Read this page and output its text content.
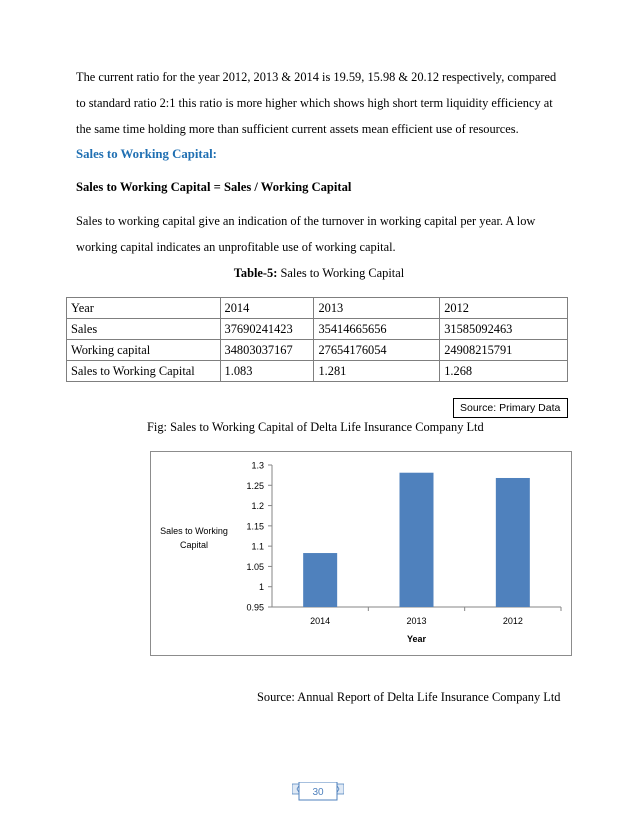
The current ratio for the year 2012, 2013 & 2014 is 19.59, 15.98 & 20.12 respectively, compared
to standard ratio 2:1 this ratio is more higher which shows high short term liquidity efficiency at
the same time holding more than sufficient current assets mean efficient use of resources.
Sales to Working Capital:
Sales to Working Capital = Sales / Working Capital
Sales to working capital give an indication of the turnover in working capital per year. A low
working capital indicates an unprofitable use of working capital.
Table-5: Sales to Working Capital
Year	2014	2013	2012
Sales	37690241423	35414665656	31585092463
Working capital	34803037167	27654176054	24908215791
Sales to Working Capital	1.083	1.281	1.268
Source: Primary Data
Fig: Sales to Working Capital of Delta Life Insurance Company Ltd
0.95
1
1.05
1.1
1.15
1.2
1.25
1.3
2014	2013	2012
Year
Sales to Working
Capital
Source: Annual Report of Delta Life Insurance Company Ltd
30
